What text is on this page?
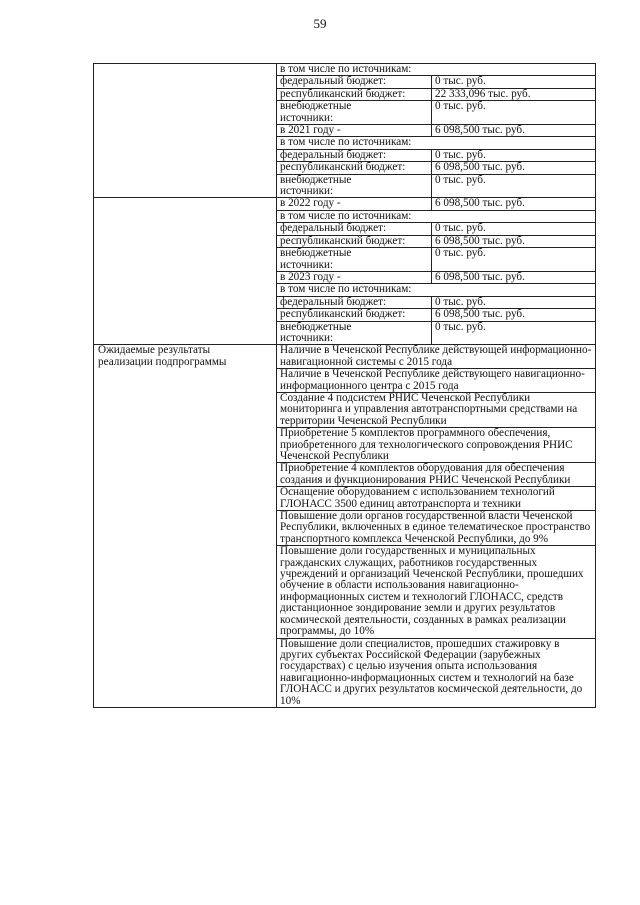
59
	в том числе по источникам:	
	федеральный бюджет:	0 тыс. руб.
	республиканский бюджет:	22 333,096 тыс. руб.
	внебюджетные
источники:	0 тыс. руб.
	в 2021 году -	6 098,500 тыс. руб.
	в том числе по источникам:	
	федеральный бюджет:	0 тыс. руб.
	республиканский бюджет:	6 098,500 тыс. руб.
	внебюджетные
источники:	0 тыс. руб.
	в 2022 году -	6 098,500 тыс. руб.
	в том числе по источникам:	
	федеральный бюджет:	0 тыс. руб.
	республиканский бюджет:	6 098,500 тыс. руб.
	внебюджетные
источники:	0 тыс. руб.
	в 2023 году -	6 098,500 тыс. руб.
	в том числе по источникам:	
	федеральный бюджет:	0 тыс. руб.
	республиканский бюджет:	6 098,500 тыс. руб.
	внебюджетные
источники:	0 тыс. руб.
Ожидаемые результаты
реализации подпрограммы	Наличие в Чеченской Республике действующей информационно-навигационной системы с 2015 года	
	Наличие в Чеченской Республике действующего навигационно-информационного центра с 2015 года	
	Создание 4 подсистем РНИС Чеченской Республики мониторинга и управления автотранспортными средствами на территории Чеченской Республики	
	Приобретение 5 комплектов программного обеспечения, приобретенного для технологического сопровождения РНИС Чеченской Республики	
	Приобретение 4 комплектов оборудования для обеспечения создания и функционирования РНИС Чеченской Республики	
	Оснащение оборудованием с использованием технологий ГЛОНАСС 3500 единиц автотранспорта и техники	
	Повышение доли органов государственной власти Чеченской Республики, включенных в единое телематическое пространство транспортного комплекса Чеченской Республики, до 9%	
	Повышение доли государственных и муниципальных гражданских служащих, работников государственных учреждений и организаций Чеченской Республики, прошедших обучение в области использования навигационно-информационных систем и технологий ГЛОНАСС, средств дистанционное зондирование земли и других результатов космической деятельности, созданных в рамках реализации программы, до 10%	
	Повышение доли специалистов, прошедших стажировку в других субъектах Российской Федерации (зарубежных государствах) с целью изучения опыта использования навигационно-информационных систем и технологий на базе ГЛОНАСС и других результатов космической деятельности, до 10%	
